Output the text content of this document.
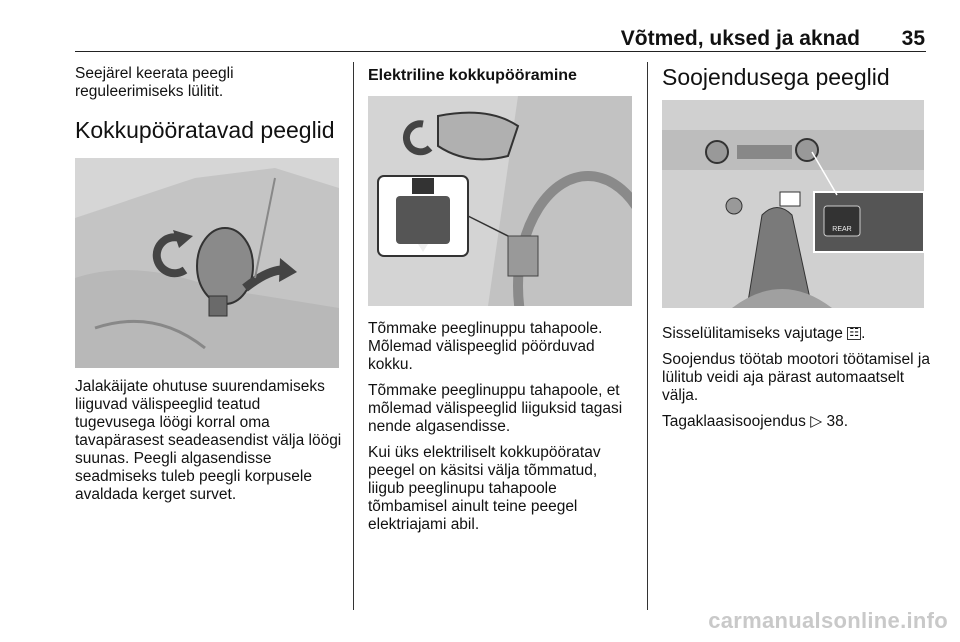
Võtmed, uksed ja aknad	35

Seejärel keerata peegli reguleerimiseks lülitit.

Kokkupööratavad peeglid

Jalakäijate ohutuse suurendamiseks liiguvad välispeeglid teatud tugevusega löögi korral oma tavapärasest seadeasendist välja löögi suunas. Peegli algasendisse seadmiseks tuleb peegli korpusele avaldada kerget survet.

Elektriline kokkupööramine

Tõmmake peeglinuppu tahapoole. Mõlemad välispeeglid pöörduvad kokku.

Tõmmake peeglinuppu tahapoole, et mõlemad välispeeglid liiguksid tagasi nende algasendisse.

Kui üks elektriliselt kokkupööratav peegel on käsitsi välja tõmmatud, liigub peeglinupu tahapoole tõmbamisel ainult teine peegel elektriajami abil.

Soojendusega peeglid
REAR

Sisselülitamiseks vajutage ☷ .

Soojendus töötab mootori töötamisel ja lülitub veidi aja pärast automaatselt välja.

Tagaklaasisoojendus ▷ 38.

carmanualsonline.info
